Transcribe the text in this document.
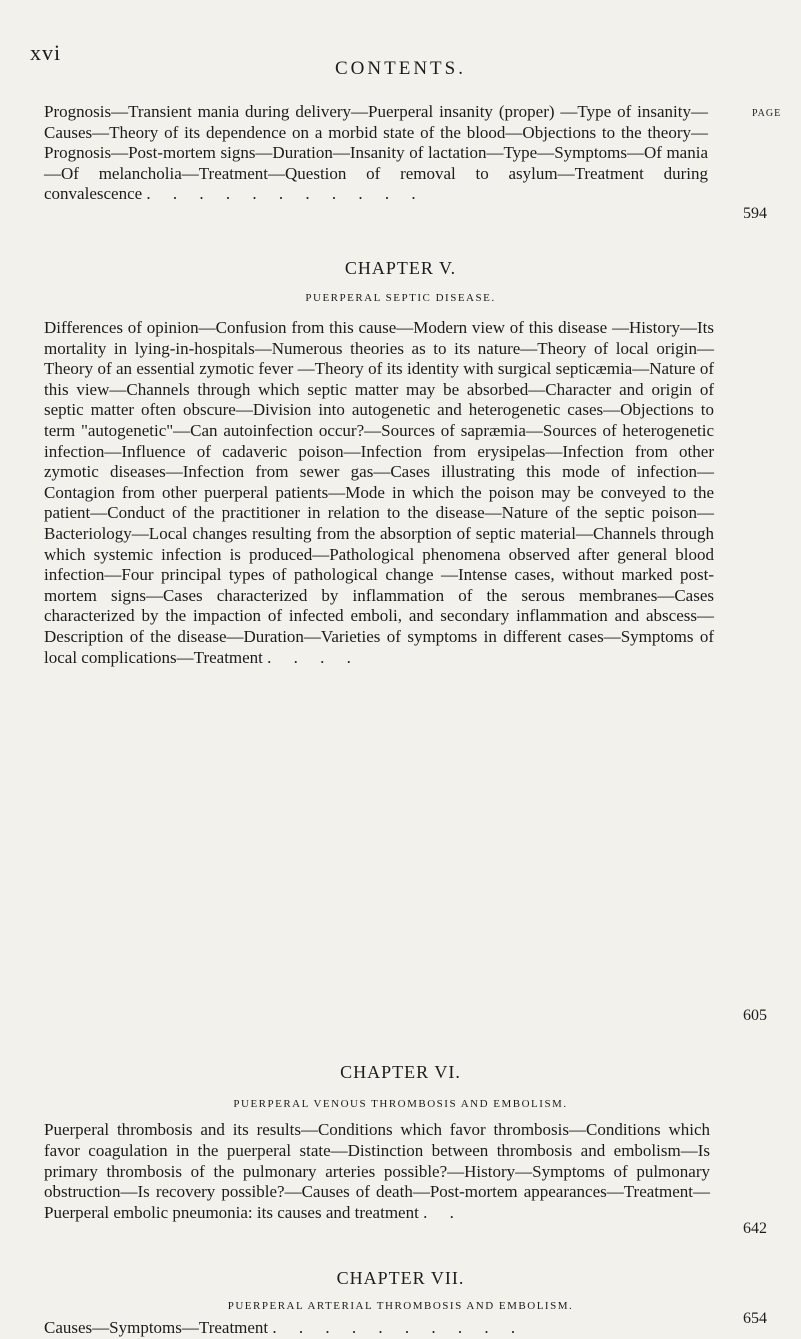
xvi
CONTENTS.
PAGE
Prognosis—Transient mania during delivery—Puerperal insanity (proper) —Type of insanity—Causes—Theory of its dependence on a morbid state of the blood—Objections to the theory—Prognosis—Post-mortem signs—Duration—Insanity of lactation—Type—Symptoms—Of mania—Of melancholia—Treatment—Question of removal to asylum—Treatment during convalescence . . . . . . . . . . .
594
CHAPTER V.
PUERPERAL SEPTIC DISEASE.
Differences of opinion—Confusion from this cause—Modern view of this disease —History—Its mortality in lying-in-hospitals—Numerous theories as to its nature—Theory of local origin—Theory of an essential zymotic fever —Theory of its identity with surgical septicæmia—Nature of this view—Channels through which septic matter may be absorbed—Character and origin of septic matter often obscure—Division into autogenetic and heterogenetic cases—Objections to term "autogenetic"—Can autoinfection occur?—Sources of sapræmia—Sources of heterogenetic infection—Influence of cadaveric poison—Infection from erysipelas—Infection from other zymotic diseases—Infection from sewer gas—Cases illustrating this mode of infection—Contagion from other puerperal patients—Mode in which the poison may be conveyed to the patient—Conduct of the practitioner in relation to the disease—Nature of the septic poison—Bacteriology—Local changes resulting from the absorption of septic material—Channels through which systemic infection is produced—Pathological phenomena observed after general blood infection—Four principal types of pathological change —Intense cases, without marked post-mortem signs—Cases characterized by inflammation of the serous membranes—Cases characterized by the impaction of infected emboli, and secondary inflammation and abscess—Description of the disease—Duration—Varieties of symptoms in different cases—Symptoms of local complications—Treatment . . . .
605
CHAPTER VI.
PUERPERAL VENOUS THROMBOSIS AND EMBOLISM.
Puerperal thrombosis and its results—Conditions which favor thrombosis—Conditions which favor coagulation in the puerperal state—Distinction between thrombosis and embolism—Is primary thrombosis of the pulmonary arteries possible?—History—Symptoms of pulmonary obstruction—Is recovery possible?—Causes of death—Post-mortem appearances—Treatment—Puerperal embolic pneumonia: its causes and treatment . .
642
CHAPTER VII.
PUERPERAL ARTERIAL THROMBOSIS AND EMBOLISM.
Causes—Symptoms—Treatment . . . . . . . . . .	654
